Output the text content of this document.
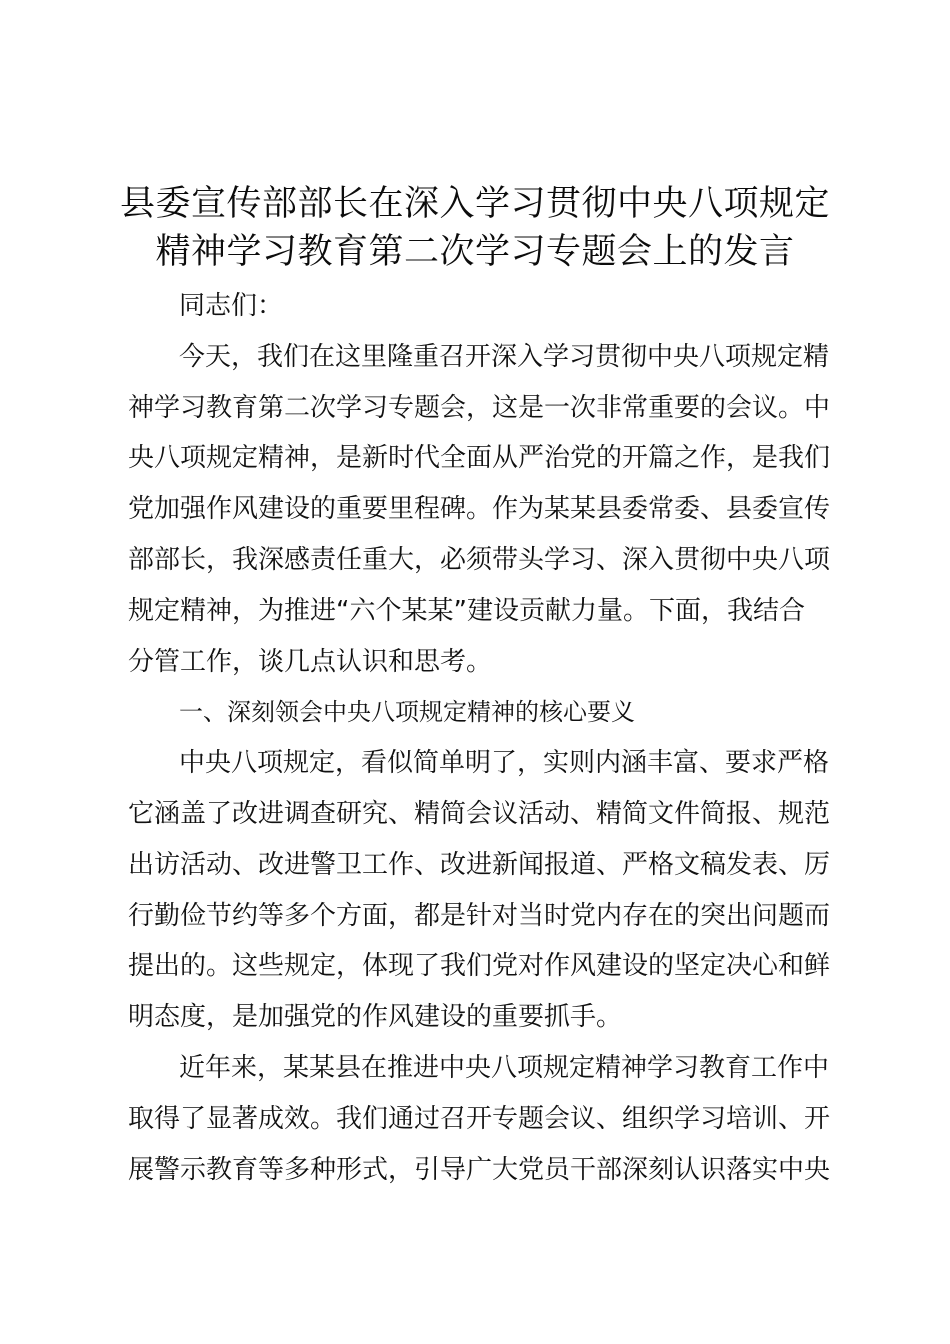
县委宣传部部长在深入学习贯彻中央八项规定
精神学习教育第二次学习专题会上的发言
同志们：
今天，我们在这里隆重召开深入学习贯彻中央八项规定精
神学习教育第二次学习专题会，这是一次非常重要的会议。中
央八项规定精神，是新时代全面从严治党的开篇之作，是我们
党加强作风建设的重要里程碑。作为某某县委常委、县委宣传
部部长，我深感责任重大，必须带头学习、深入贯彻中央八项
规定精神，为推进“六个某某”建设贡献力量。下面，我结合
分管工作，谈几点认识和思考。
一、深刻领会中央八项规定精神的核心要义
中央八项规定，看似简单明了，实则内涵丰富、要求严格
它涵盖了改进调查研究、精简会议活动、精简文件简报、规范
出访活动、改进警卫工作、改进新闻报道、严格文稿发表、厉
行勤俭节约等多个方面，都是针对当时党内存在的突出问题而
提出的。这些规定，体现了我们党对作风建设的坚定决心和鲜
明态度，是加强党的作风建设的重要抓手。
近年来，某某县在推进中央八项规定精神学习教育工作中
取得了显著成效。我们通过召开专题会议、组织学习培训、开
展警示教育等多种形式，引导广大党员干部深刻认识落实中央
